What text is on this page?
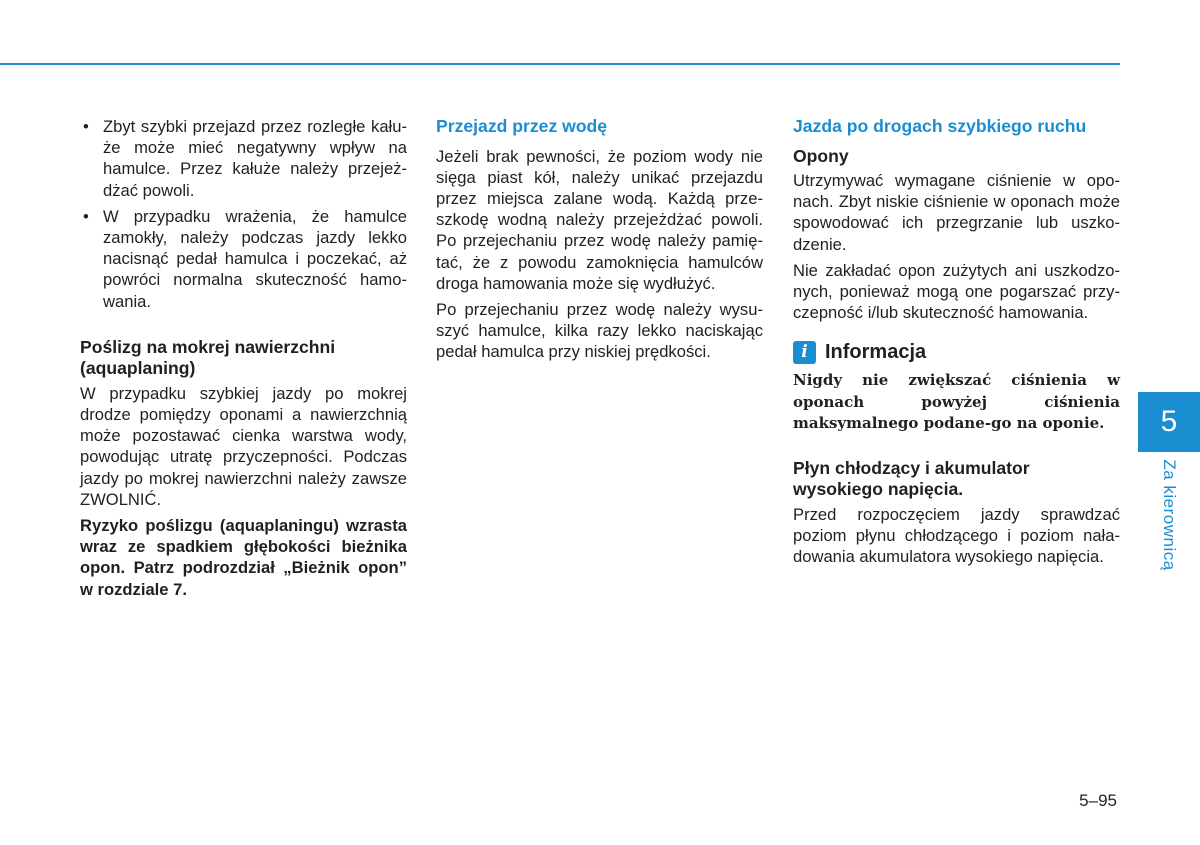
• Zbyt szybki przejazd przez rozległe kału-że może mieć negatywny wpływ na hamulce. Przez kałuże należy przejeż-dżać powoli.
• W przypadku wrażenia, że hamulce zamokły, należy podczas jazdy lekko nacisnąć pedał hamulca i poczekać, aż powróci normalna skuteczność hamo-wania.
Poślizg na mokrej nawierzchni (aquaplaning)

W przypadku szybkiej jazdy po mokrej drodze pomiędzy oponami a nawierzchnią może pozostawać cienka warstwa wody, powodując utratę przyczepności. Podczas jazdy po mokrej nawierzchni należy zawsze ZWOLNIĆ.

Ryzyko poślizgu (aquaplaningu) wzrasta wraz ze spadkiem głębokości bieżnika opon. Patrz podrozdział „Bieżnik opon” w rozdziale 7.

Przejazd przez wodę

Jeżeli brak pewności, że poziom wody nie sięga piast kół, należy unikać przejazdu przez miejsca zalane wodą. Każdą prze-szkodę wodną należy przejeżdżać powoli. Po przejechaniu przez wodę należy pamię-tać, że z powodu zamoknięcia hamulców droga hamowania może się wydłużyć.

Po przejechaniu przez wodę należy wysu-szyć hamulce, kilka razy lekko naciskając pedał hamulca przy niskiej prędkości.

Jazda po drogach szybkiego ruchu
Opony

Utrzymywać wymagane ciśnienie w opo-nach. Zbyt niskie ciśnienie w oponach może spowodować ich przegrzanie lub uszko-dzenie.

Nie zakładać opon zużytych ani uszkodzo-nych, ponieważ mogą one pogarszać przy-czepność i/lub skuteczność hamowania.

i Informacja

Nigdy nie zwiększać ciśnienia w oponach powyżej ciśnienia maksymalnego podane-go na oponie.

Płyn chłodzący i akumulator wysokiego napięcia.

Przed rozpoczęciem jazdy sprawdzać poziom płynu chłodzącego i poziom nała-dowania akumulatora wysokiego napięcia.

5
Za kierownicą
5–95
